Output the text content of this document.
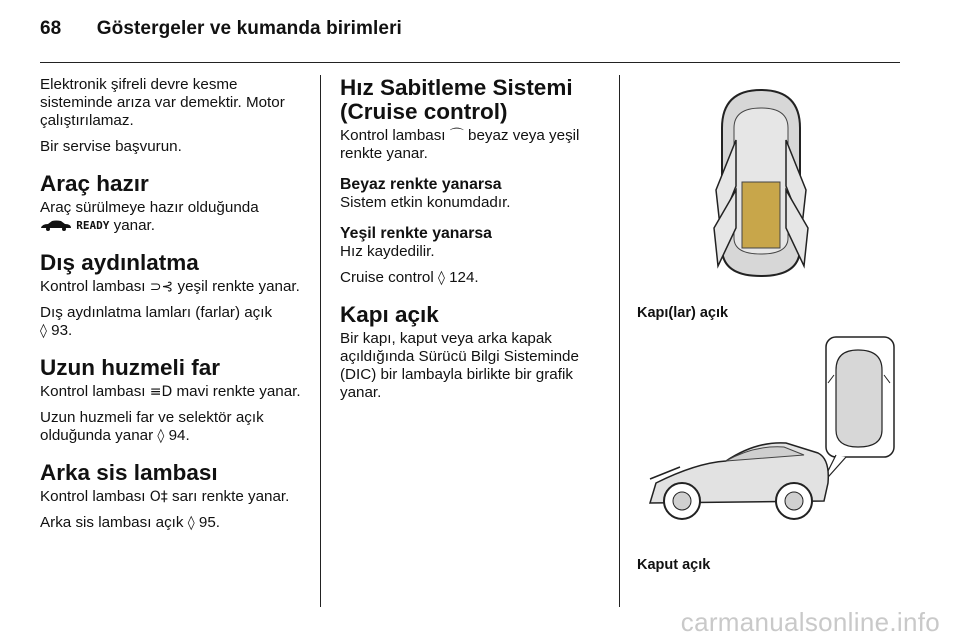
68 Göstergeler ve kumanda birimleri

Elektronik şifreli devre kesme sisteminde arıza var demektir. Motor çalıştırılamaz.

Bir servise başvurun.

Araç hazır

Araç sürülmeye hazır olduğunda
READY yanar.

Dış aydınlatma

Kontrol lambası ⊃⊰ yeşil renkte yanar.

Dış aydınlatma lamları (farlar) açık
◊ 93.

Uzun huzmeli far

Kontrol lambası ≡D mavi renkte yanar.

Uzun huzmeli far ve selektör açık olduğunda yanar ◊ 94.

Arka sis lambası

Kontrol lambası O‡ sarı renkte yanar.

Arka sis lambası açık ◊ 95.

Hız Sabitleme Sistemi
(Cruise control)

Kontrol lambası ⌒ beyaz veya yeşil renkte yanar.

Beyaz renkte yanarsa

Sistem etkin konumdadır.

Yeşil renkte yanarsa

Hız kaydedilir.

Cruise control ◊ 124.

Kapı açık

Bir kapı, kaput veya arka kapak açıldığında Sürücü Bilgi Sisteminde (DIC) bir lambayla birlikte bir grafik yanar.

Kapı(lar) açık
Kaput açık
carmanualsonline.info
